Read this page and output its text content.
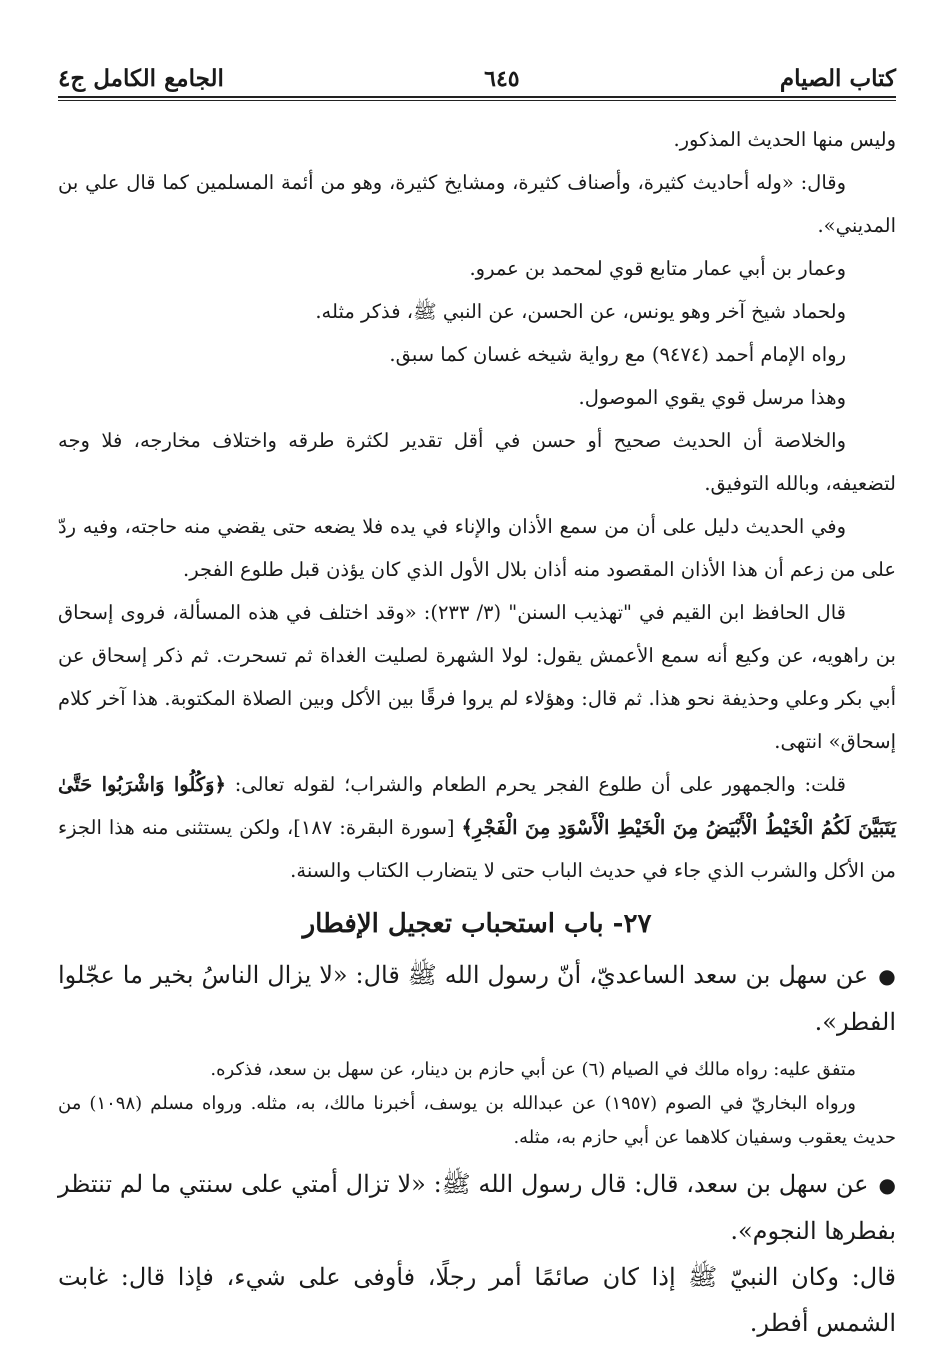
كتاب الصيام
٦٤٥
الجامع الكامل ج٤

وليس منها الحديث المذكور.

وقال: «وله أحاديث كثيرة، وأصناف كثيرة، ومشايخ كثيرة، وهو من أئمة المسلمين كما قال علي بن المديني».

وعمار بن أبي عمار متابع قوي لمحمد بن عمرو.

ولحماد شيخ آخر وهو يونس، عن الحسن، عن النبي ﷺ، فذكر مثله.

رواه الإمام أحمد (٩٤٧٤) مع رواية شيخه غسان كما سبق.

وهذا مرسل قوي يقوي الموصول.

والخلاصة أن الحديث صحيح أو حسن في أقل تقدير لكثرة طرقه واختلاف مخارجه، فلا وجه لتضعيفه، وبالله التوفيق.

وفي الحديث دليل على أن من سمع الأذان والإناء في يده فلا يضعه حتى يقضي منه حاجته، وفيه ردّ على من زعم أن هذا الأذان المقصود منه أذان بلال الأول الذي كان يؤذن قبل طلوع الفجر.

قال الحافظ ابن القيم في "تهذيب السنن" (٣/ ٢٣٣): «وقد اختلف في هذه المسألة، فروى إسحاق بن راهويه، عن وكيع أنه سمع الأعمش يقول: لولا الشهرة لصليت الغداة ثم تسحرت. ثم ذكر إسحاق عن أبي بكر وعلي وحذيفة نحو هذا. ثم قال: وهؤلاء لم يروا فرقًا بين الأكل وبين الصلاة المكتوبة. هذا آخر كلام إسحاق» انتهى.

قلت: والجمهور على أن طلوع الفجر يحرم الطعام والشراب؛ لقوله تعالى: ﴿وَكُلُوا وَاشْرَبُوا حَتَّىٰ يَتَبَيَّنَ لَكُمُ الْخَيْطُ الْأَبْيَضُ مِنَ الْخَيْطِ الْأَسْوَدِ مِنَ الْفَجْرِ﴾ [سورة البقرة: ١٨٧]، ولكن يستثنى منه هذا الجزء من الأكل والشرب الذي جاء في حديث الباب حتى لا يتضارب الكتاب والسنة.

٢٧- باب استحباب تعجيل الإفطار

●عن سهل بن سعد الساعديّ، أنّ رسول الله ﷺ قال: «لا يزال الناسُ بخير ما عجّلوا الفطر».

متفق عليه: رواه مالك في الصيام (٦) عن أبي حازم بن دينار، عن سهل بن سعد، فذكره.

ورواه البخاريّ في الصوم (١٩٥٧) عن عبدالله بن يوسف، أخبرنا مالك، به، مثله. ورواه مسلم (١٠٩٨) من حديث يعقوب وسفيان كلاهما عن أبي حازم به، مثله.

●عن سهل بن سعد، قال: قال رسول الله ﷺ: «لا تزال أمتي على سنتي ما لم تنتظر بفطرها النجوم».

قال: وكان النبيّ ﷺ إذا كان صائمًا أمر رجلًا، فأوفى على شيء، فإذا قال: غابت الشمس أفطر.
